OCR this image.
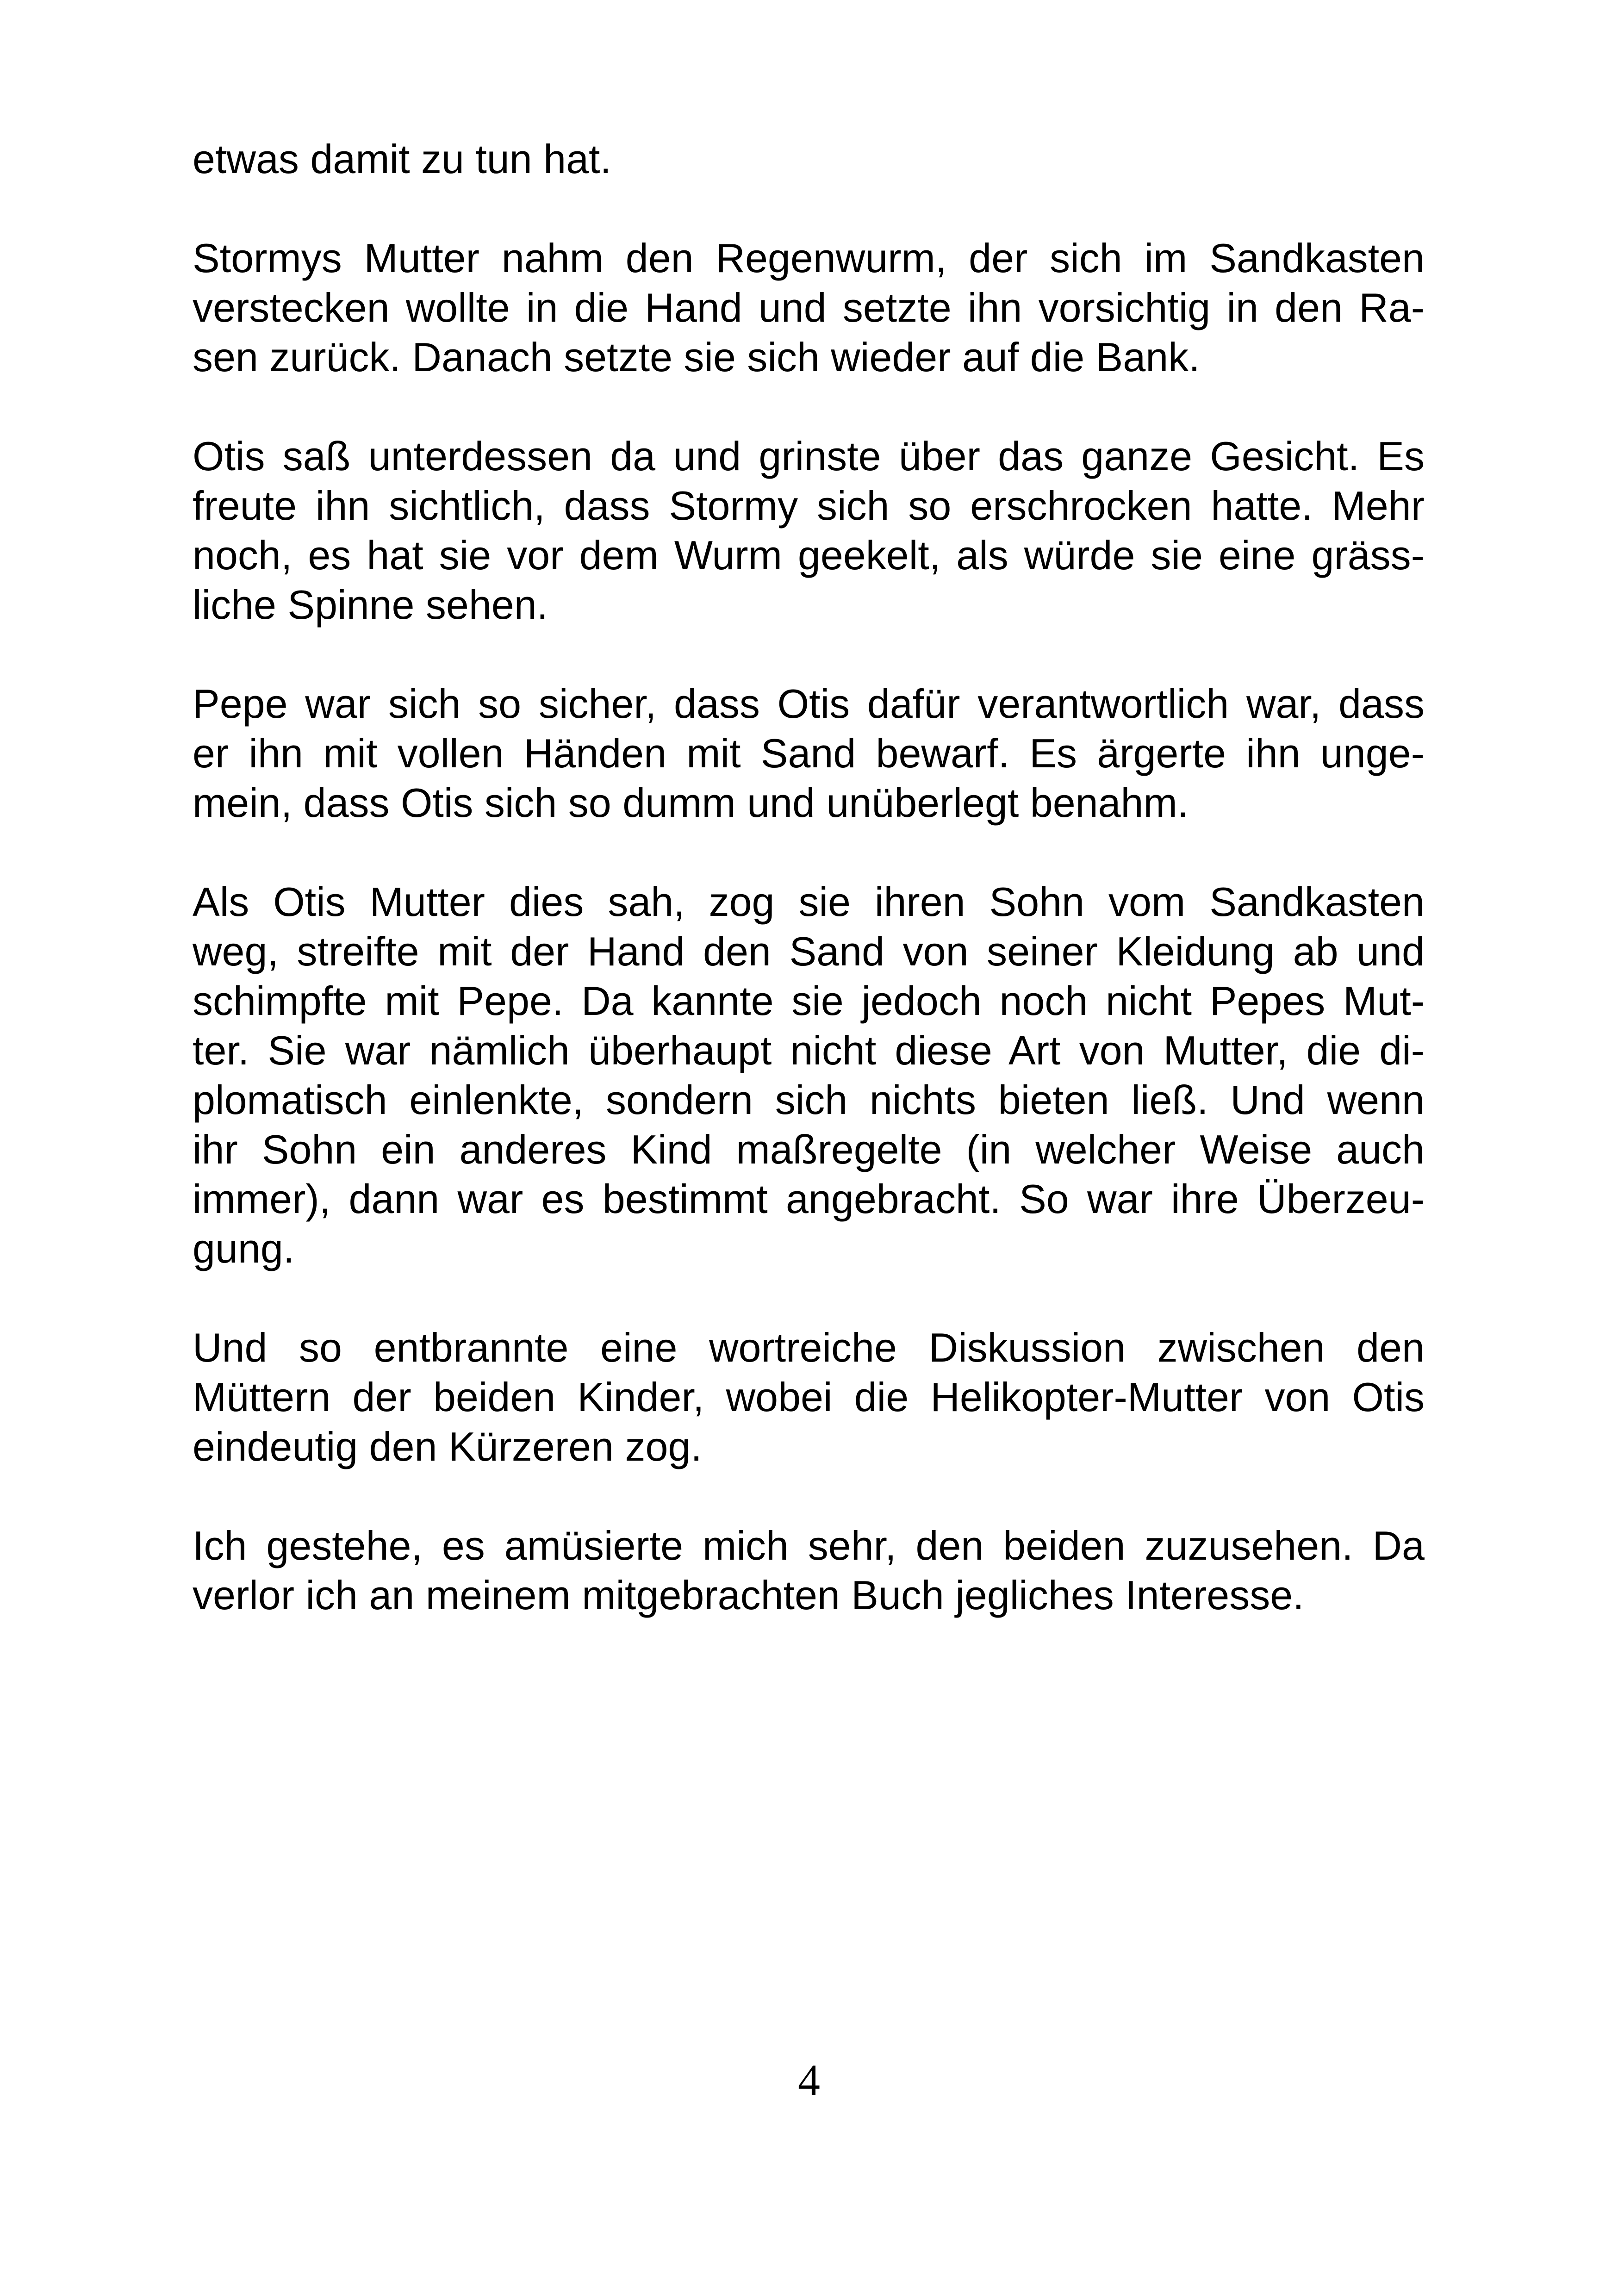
etwas damit zu tun hat.

Stormys Mutter nahm den Regenwurm, der sich im Sandkasten
verstecken wollte in die Hand und setzte ihn vorsichtig in den Ra-
sen zurück. Danach setzte sie sich wieder auf die Bank.

Otis saß unterdessen da und grinste über das ganze Gesicht. Es
freute ihn sichtlich, dass Stormy sich so erschrocken hatte. Mehr
noch, es hat sie vor dem Wurm geekelt, als würde sie eine gräss-
liche Spinne sehen.

Pepe war sich so sicher, dass Otis dafür verantwortlich war, dass
er ihn mit vollen Händen mit Sand bewarf. Es ärgerte ihn unge-
mein, dass Otis sich so dumm und unüberlegt benahm.

Als Otis Mutter dies sah, zog sie ihren Sohn vom Sandkasten
weg, streifte mit der Hand den Sand von seiner Kleidung ab und
schimpfte mit Pepe. Da kannte sie jedoch noch nicht Pepes Mut-
ter. Sie war nämlich überhaupt nicht diese Art von Mutter, die di-
plomatisch einlenkte, sondern sich nichts bieten ließ. Und wenn
ihr Sohn ein anderes Kind maßregelte (in welcher Weise auch
immer), dann war es bestimmt angebracht. So war ihre Überzeu-
gung.

Und so entbrannte eine wortreiche Diskussion zwischen den
Müttern der beiden Kinder, wobei die Helikopter-Mutter von Otis
eindeutig den Kürzeren zog.

Ich gestehe, es amüsierte mich sehr, den beiden zuzusehen. Da
verlor ich an meinem mitgebrachten Buch jegliches Interesse.

4
